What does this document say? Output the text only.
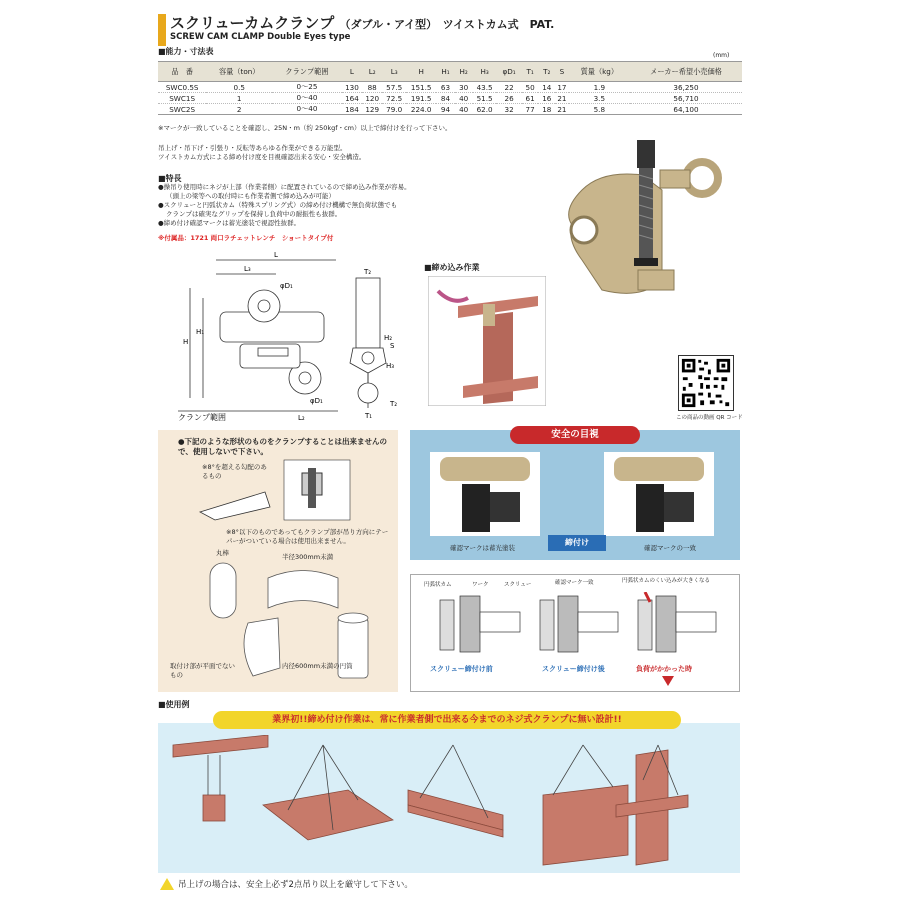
スクリューカムクランプ （ダブル・アイ型）　ツイストカム式　PAT.
SCREW CAM CLAMP Double Eyes type
■能力・寸法表	(mm)
品　番	容量（ton）	クランプ範囲	L	L₂	L₃	H	H₁	H₂	H₃	φD₁	T₁	T₂	S	質量（kg）	メーカー希望小売価格
SWC0.5S	0.5	0〜25	130	88	57.5	151.5	63	30	43.5	22	50	14	17	1.9	36,250
SWC1S	1	0〜40	164	120	72.5	191.5	84	40	51.5	26	61	16	21	3.5	56,710
SWC2S	2	0〜40	184	129	79.0	224.0	94	40	62.0	32	77	18	21	5.8	64,100
※マークが一致していることを確認し、25N・m（約 250kgf・cm）以上で締付けを行って下さい。
吊上げ・吊下げ・引張り・反転等あらゆる作業ができる万能型。
ツイストカム方式による締め付け度を目視確認出来る安心・安全構造。
■特長
●操吊り使用時にネジが上部（作業者側）に配置されているので締め込み作業が容易。
（頭上の梁等への取付時にも作業者側で締め込みが可能）
●スクリューと円弧状カム（特殊スプリング式）の締め付け機構で無負荷状態でも
クランプは確実なグリップを保持し負荷中の耐振性も抜群。
●締め付け確認マークは蓄光塗装で視認性抜群。
※付属品：1721 両口ラチェットレンチ　ショートタイプ付
L
L₃
φD₁
H
H₁
φD₁
L₂
クランプ範囲
T₂
S
H₂
H₃
T₂
T₁
■締め込み作業
この商品の動画 QR コード
●下記のような形状のものをクランプすることは出来ませんので、使用しないで下さい。
※8°を超える勾配のあるもの
※8°以下のものであってもクランプ部が吊り方向にテーパーがついている場合は使用出来ません。
丸棒	半径300mm未満
取付け部が平面でないもの
内径600mm未満の円筒
安全の目視
確認マークは蓄光塗装
締付け
確認マークの一致
円弧状カム	ワーク	スクリュー	確認マーク一致	円弧状カムのくい込みが大きくなる
スクリュー締付け前	スクリュー締付け後	負荷がかかった時
■使用例
業界初!!締め付け作業は、常に作業者側で出来る今までのネジ式クランプに無い設計!!
吊上げの場合は、安全上必ず2点吊り以上を厳守して下さい。
